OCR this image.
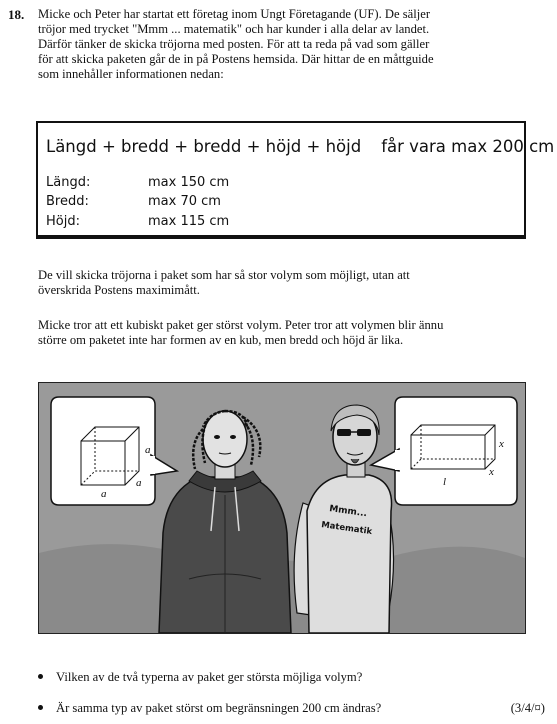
18. Micke och Peter har startat ett företag inom Ungt Företagande (UF). De säljer
tröjor med trycket "Mmm ... matematik" och har kunder i alla delar av landet.
Därför tänker de skicka tröjorna med posten. För att ta reda på vad som gäller
för att skicka paketen går de in på Postens hemsida. Där hittar de en måttguide
som innehåller informationen nedan:
Längd + bredd + bredd + höjd + höjd får vara max 200 cm
Längd:	max 150 cm
Bredd:	max 70 cm
Höjd:	max 115 cm
De vill skicka tröjorna i paket som har så stor volym som möjligt, utan att
överskrida Postens maximimått.
Micke tror att ett kubiskt paket ger störst volym. Peter tror att volymen blir ännu
större om paketet inte har formen av en kub, men bredd och höjd är lika.
a
a
a
x
x
l
Mmm...
Matematik
Vilken av de två typerna av paket ger största möjliga volym?
Är samma typ av paket störst om begränsningen 200 cm ändras?	(3/4/¤)
